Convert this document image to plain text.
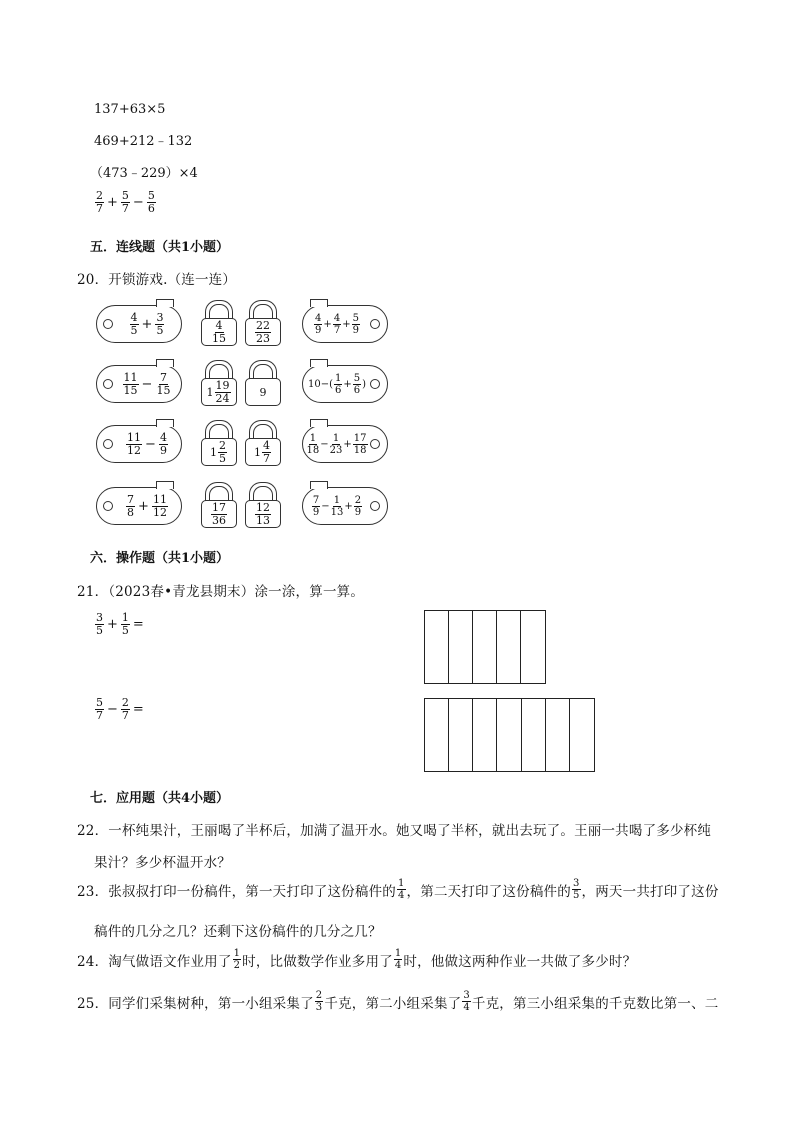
137+63×5
469+212﹣132
（473﹣229）×4
$\frac{2}{7} + \frac{5}{7} - \frac{5}{6}$
五．连线题（共1小题）
20．开锁游戏.（连一连）
$\frac{4}{5} + \frac{3}{5}$
$\frac{11}{15} - \frac{7}{15}$
$\frac{11}{12} - \frac{4}{9}$
$\frac{7}{8} + \frac{11}{12}$
$\frac{4}{15}$	$\frac{22}{23}$
$1 \frac{19}{24}$	9
$1 \frac{2}{5} 1 \frac{4}{7}$
$\frac{17}{36}$	$\frac{12}{13}$
4
9
+ $\frac{4}{7} + \frac{5}{9}$
10−(
1
6
+ $\frac{5}{6}$ )
1
18
− $\frac{1}{23} + \frac{17}{18}$
7
9
− $\frac{1}{13} + \frac{2}{9}$
六．操作题（共1小题）
21．（2023春•青龙县期末）涂一涂，算一算。
$\frac{3}{5} + \frac{1}{5}$ =
$\frac{5}{7} - \frac{2}{7}$ =
七．应用题（共4小题）
22．一杯纯果汁，王丽喝了半杯后，加满了温开水。她又喝了半杯，就出去玩了。王丽一共喝了多少杯纯
果汁？多少杯温开水？
23．张叔叔打印一份稿件，第一天打印了这份稿件的 1
4 ，第二天打印了这份稿件的 3
5 ，两天一共打印了这份
稿件的几分之几？还剩下这份稿件的几分之几？
24．淘气做语文作业用了 1
2 时，比做数学作业多用了 1
4 时，他做这两种作业一共做了多少时？
25．同学们采集树种，第一小组采集了 2
3 千克，第二小组采集了 3
4 千克，第三小组采集的千克数比第一、二
